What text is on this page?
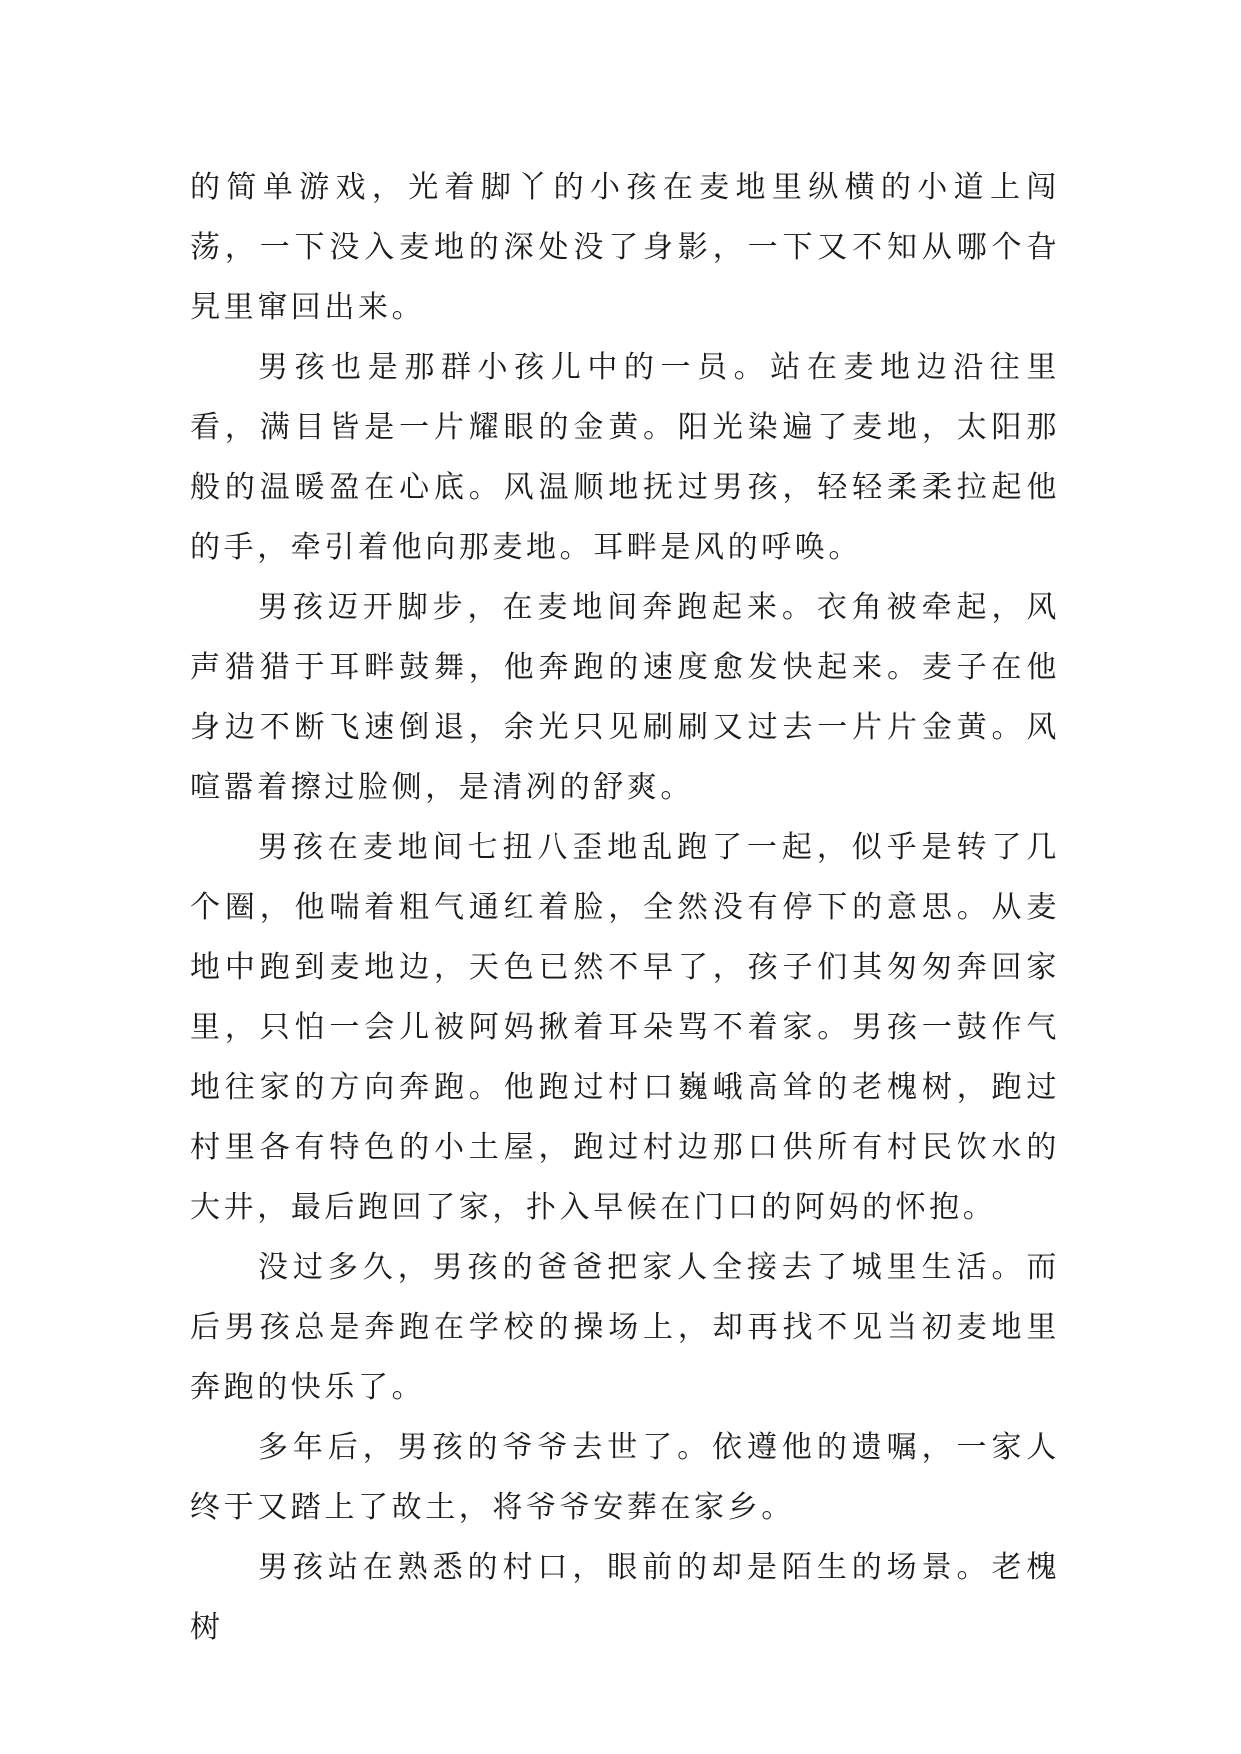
的简单游戏，光着脚丫的小孩在麦地里纵横的小道上闯荡，一下没入麦地的深处没了身影，一下又不知从哪个旮旯里窜回出来。

男孩也是那群小孩儿中的一员。站在麦地边沿往里看，满目皆是一片耀眼的金黄。阳光染遍了麦地，太阳那般的温暖盈在心底。风温顺地抚过男孩，轻轻柔柔拉起他的手，牵引着他向那麦地。耳畔是风的呼唤。

男孩迈开脚步，在麦地间奔跑起来。衣角被牵起，风声猎猎于耳畔鼓舞，他奔跑的速度愈发快起来。麦子在他身边不断飞速倒退，余光只见刷刷又过去一片片金黄。风喧嚣着擦过脸侧，是清冽的舒爽。

男孩在麦地间七扭八歪地乱跑了一起，似乎是转了几个圈，他喘着粗气通红着脸，全然没有停下的意思。从麦地中跑到麦地边，天色已然不早了，孩子们其匆匆奔回家里，只怕一会儿被阿妈揪着耳朵骂不着家。男孩一鼓作气地往家的方向奔跑。他跑过村口巍峨高耸的老槐树，跑过村里各有特色的小土屋，跑过村边那口供所有村民饮水的大井，最后跑回了家，扑入早候在门口的阿妈的怀抱。

没过多久，男孩的爸爸把家人全接去了城里生活。而后男孩总是奔跑在学校的操场上，却再找不见当初麦地里奔跑的快乐了。

多年后，男孩的爷爷去世了。依遵他的遗嘱，一家人终于又踏上了故土，将爷爷安葬在家乡。

男孩站在熟悉的村口，眼前的却是陌生的场景。老槐树
